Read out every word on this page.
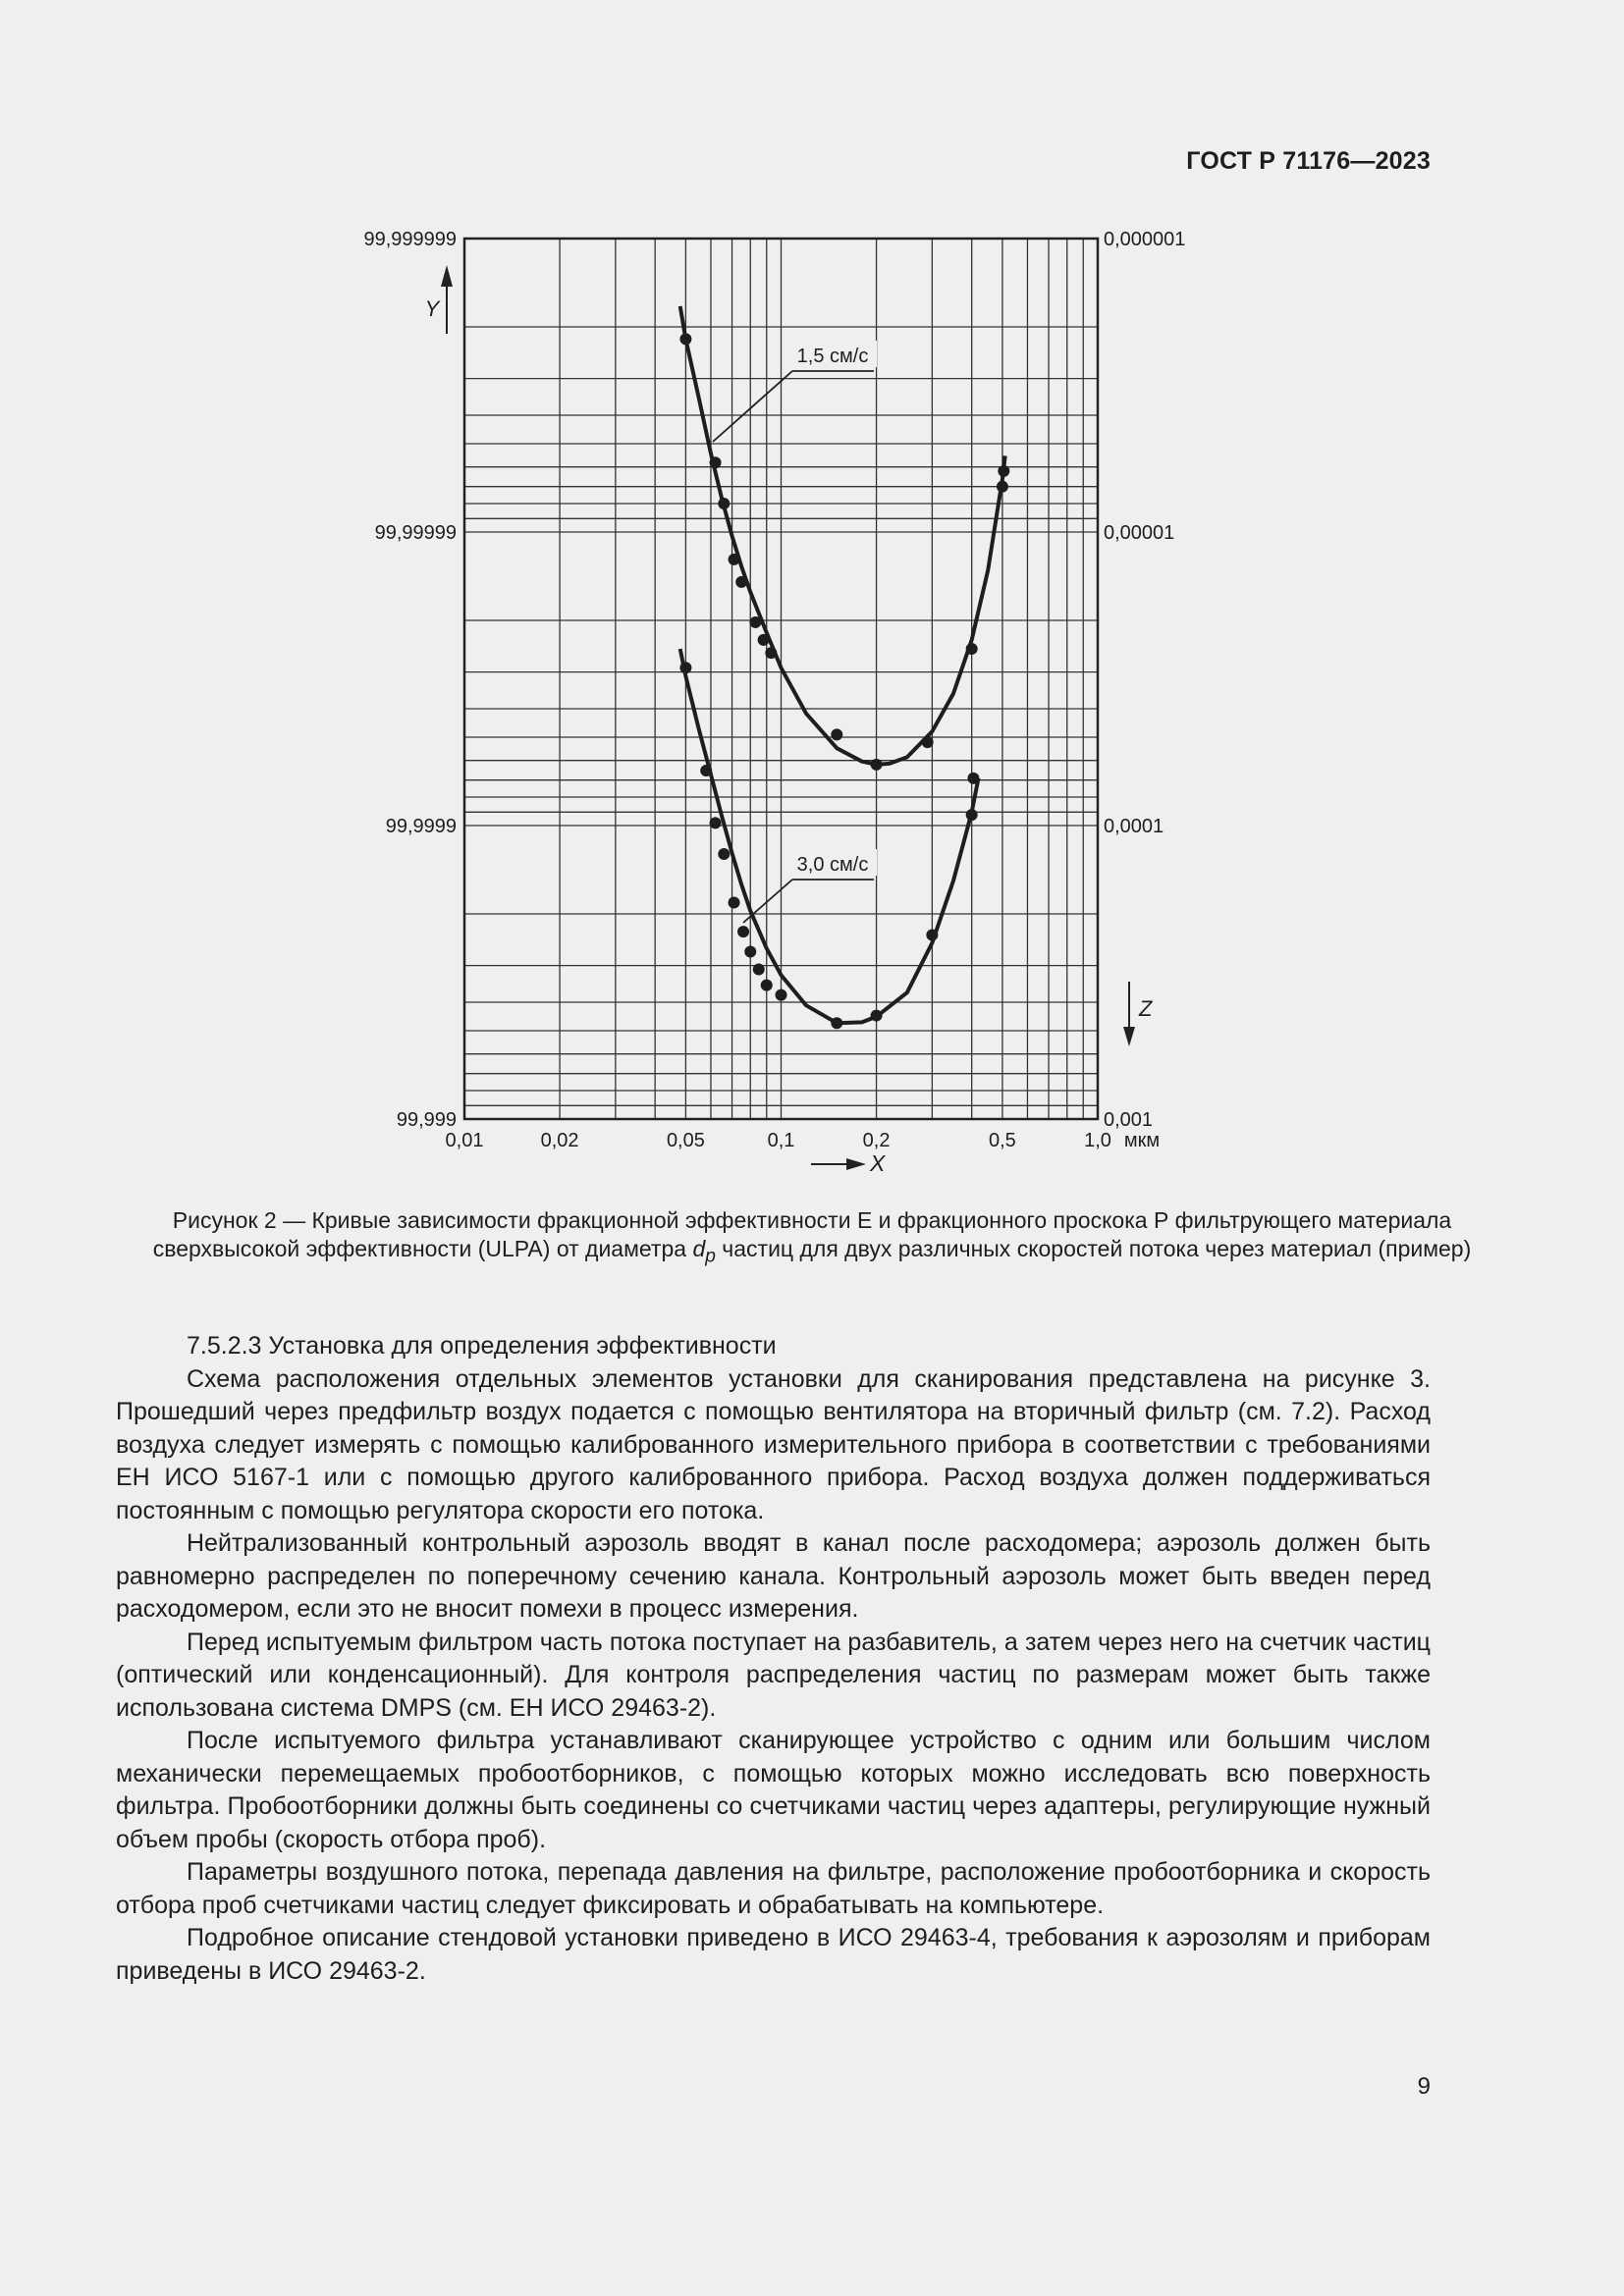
ГОСТ Р 71176—2023
0,01	0,02	0,05	0,1	0,2	0,5	1,0 мкм
99,999999
99,99999
99,9999
99,999
0,000001
0,00001
0,0001
0,001
X
Y
Z
1,5 см/с
3,0 см/с
Рисунок 2 — Кривые зависимости фракционной эффективности Е и фракционного проскока Р фильтрующего материала сверхвысокой эффективности (ULPA) от диаметра $d_p$ частиц для двух различных скоростей потока через материал (пример)

7.5.2.3 Установка для определения эффективности

Схема расположения отдельных элементов установки для сканирования представлена на рисунке 3. Прошедший через предфильтр воздух подается с помощью вентилятора на вторичный фильтр (см. 7.2). Расход воздуха следует измерять с помощью калиброванного измерительного прибора в соответствии с требованиями ЕН ИСО 5167-1 или с помощью другого калиброванного прибора. Расход воздуха должен поддерживаться постоянным с помощью регулятора скорости его потока.

Нейтрализованный контрольный аэрозоль вводят в канал после расходомера; аэрозоль должен быть равномерно распределен по поперечному сечению канала. Контрольный аэрозоль может быть введен перед расходомером, если это не вносит помехи в процесс измерения.

Перед испытуемым фильтром часть потока поступает на разбавитель, а затем через него на счетчик частиц (оптический или конденсационный). Для контроля распределения частиц по размерам может быть также использована система DMPS (см. ЕН ИСО 29463-2).

После испытуемого фильтра устанавливают сканирующее устройство с одним или большим числом механически перемещаемых пробоотборников, с помощью которых можно исследовать всю поверхность фильтра. Пробоотборники должны быть соединены со счетчиками частиц через адаптеры, регулирующие нужный объем пробы (скорость отбора проб).

Параметры воздушного потока, перепада давления на фильтре, расположение пробоотборника и скорость отбора проб счетчиками частиц следует фиксировать и обрабатывать на компьютере.

Подробное описание стендовой установки приведено в ИСО 29463-4, требования к аэрозолям и приборам приведены в ИСО 29463-2.

9
